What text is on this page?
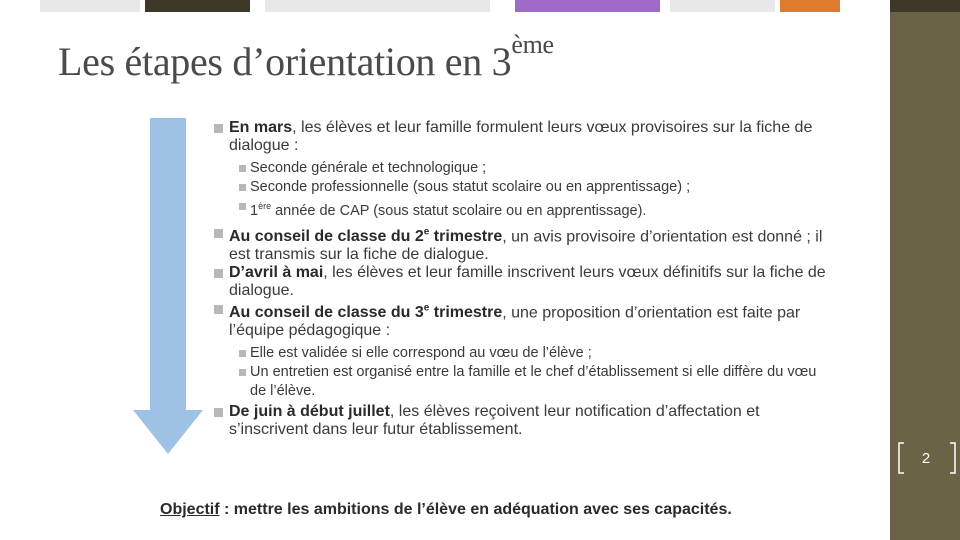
Les étapes d’orientation en 3ème

En mars, les élèves et leur famille formulent leurs vœux provisoires sur la fiche de dialogue :

Seconde générale et technologique ;

Seconde professionnelle (sous statut scolaire ou en apprentissage) ;

1ère année de CAP (sous statut scolaire ou en apprentissage).

Au conseil de classe du 2e trimestre, un avis provisoire d’orientation est donné ; il est transmis sur la fiche de dialogue.

D’avril à mai, les élèves et leur famille inscrivent leurs vœux définitifs sur la fiche de dialogue.

Au conseil de classe du 3e trimestre, une proposition d’orientation est faite par l’équipe pédagogique :

Elle est validée si elle correspond au vœu de l’élève ;

Un entretien est organisé entre la famille et le chef d’établissement si elle diffère du vœu de l’élève.

De juin à début juillet, les élèves reçoivent leur notification d’affectation et s’inscrivent dans leur futur établissement.

Objectif : mettre les ambitions de l’élève en adéquation avec ses capacités.
2
